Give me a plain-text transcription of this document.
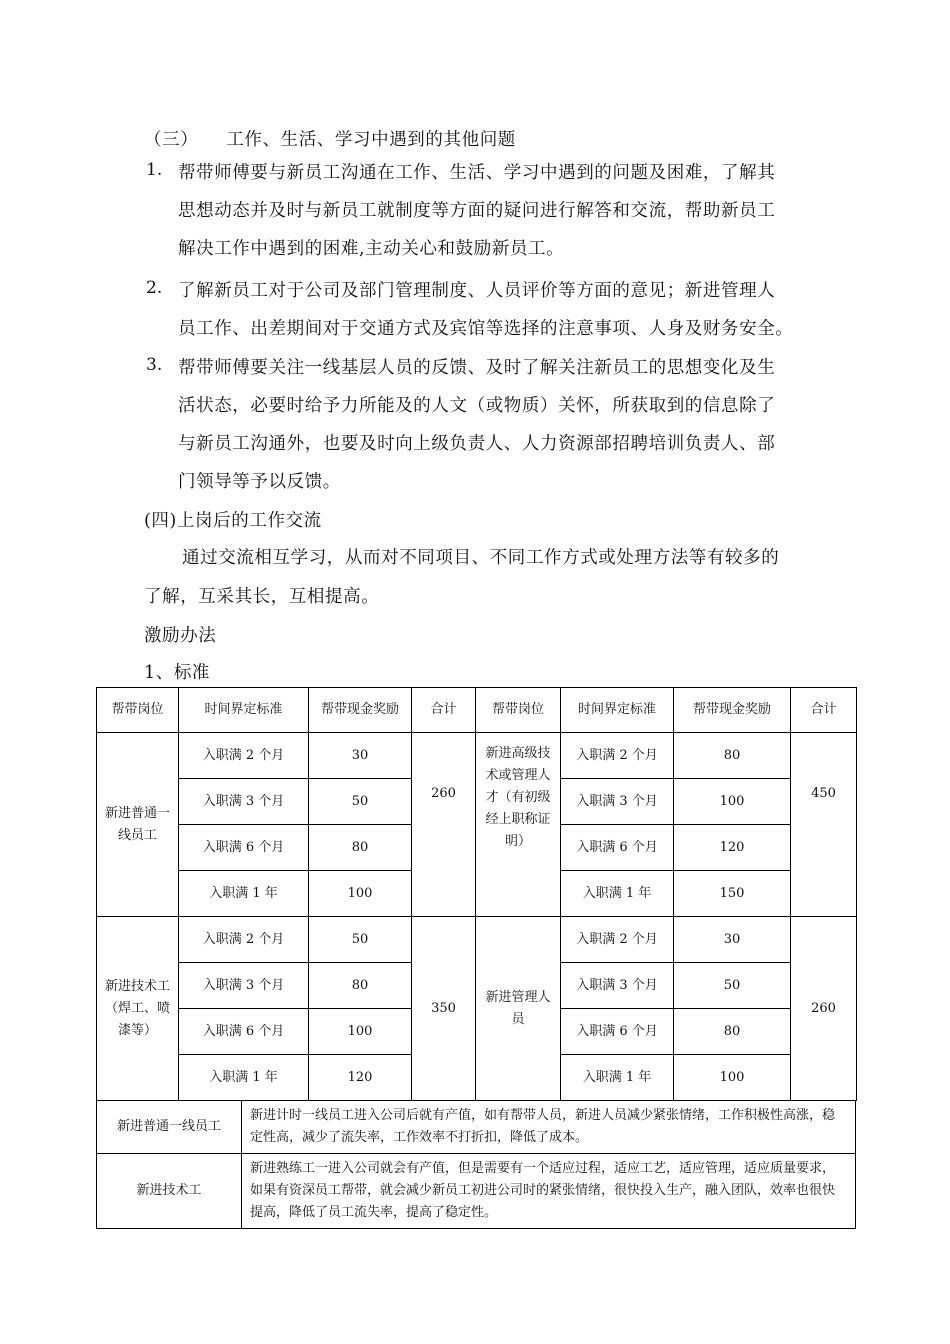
（三） 工作、生活、学习中遇到的其他问题
1. 帮带师傅要与新员工沟通在工作、生活、学习中遇到的问题及困难，了解其
思想动态并及时与新员工就制度等方面的疑问进行解答和交流，帮助新员工
解决工作中遇到的困难,主动关心和鼓励新员工。
2. 了解新员工对于公司及部门管理制度、人员评价等方面的意见；新进管理人
员工作、出差期间对于交通方式及宾馆等选择的注意事项、人身及财务安全。
3. 帮带师傅要关注一线基层人员的反馈、及时了解关注新员工的思想变化及生
活状态，必要时给予力所能及的人文（或物质）关怀，所获取到的信息除了
与新员工沟通外，也要及时向上级负责人、人力资源部招聘培训负责人、部
门领导等予以反馈。
(四)上岗后的工作交流
通过交流相互学习，从而对不同项目、不同工作方式或处理方法等有较多的
了解，互采其长，互相提高。
激励办法
1、标准
帮带岗位	时间界定标准	帮带现金奖励	合计	帮带岗位	时间界定标准	帮带现金奖励	合计
新进普通一线员工	入职满 2 个月	30	260	新进高级技术或管理人才（有初级经上职称证明）	入职满 2 个月	80	450
	入职满 3 个月	50			入职满 3 个月	100	
	入职满 6 个月	80			入职满 6 个月	120	
	入职满 1 年	100			入职满 1 年	150	
新进技术工（焊工、喷漆等）	入职满 2 个月	50	350	新进管理人员	入职满 2 个月	30	260
	入职满 3 个月	80			入职满 3 个月	50	
	入职满 6 个月	100			入职满 6 个月	80	
	入职满 1 年	120			入职满 1 年	100	
新进普通一线员工	新进计时一线员工进入公司后就有产值，如有帮带人员，新进人员减少紧张情绪，工作积极性高涨，稳定性高，减少了流失率，工作效率不打折扣，降低了成本。
新进技术工	新进熟练工一进入公司就会有产值，但是需要有一个适应过程，适应工艺，适应管理，适应质量要求，如果有资深员工帮带，就会减少新员工初进公司时的紧张情绪，很快投入生产，融入团队，效率也很快提高，降低了员工流失率，提高了稳定性。
